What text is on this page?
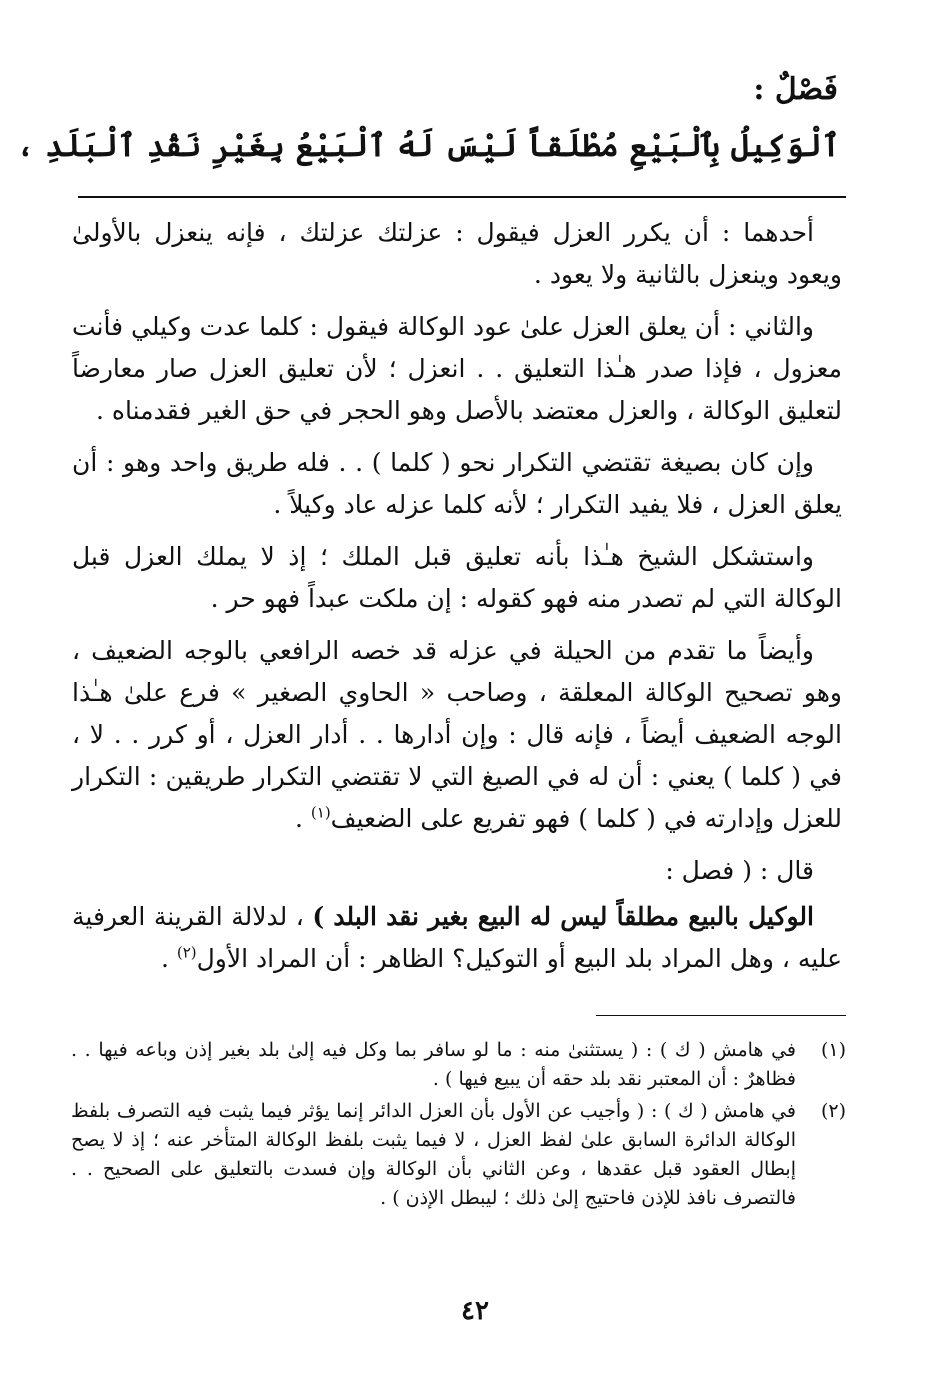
فَصْلٌ :
ٱلْوَكِيلُ بِٱلْبَيْعِ مُطْلَقاً لَيْسَ لَهُ ٱلْبَيْعُ بِغَيْرِ نَقْدِ ٱلْبَلَدِ ،

أحدهما : أن يكرر العزل فيقول : عزلتك عزلتك ، فإنه ينعزل بالأولىٰ ويعود وينعزل بالثانية ولا يعود .

والثاني : أن يعلق العزل علىٰ عود الوكالة فيقول : كلما عدت وكيلي فأنت معزول ، فإذا صدر هـٰذا التعليق . . انعزل ؛ لأن تعليق العزل صار معارضاً لتعليق الوكالة ، والعزل معتضد بالأصل وهو الحجر في حق الغير فقدمناه .

وإن كان بصيغة تقتضي التكرار نحو ( كلما ) . . فله طريق واحد وهو : أن يعلق العزل ، فلا يفيد التكرار ؛ لأنه كلما عزله عاد وكيلاً .

واستشكل الشيخ هـٰذا بأنه تعليق قبل الملك ؛ إذ لا يملك العزل قبل الوكالة التي لم تصدر منه فهو كقوله : إن ملكت عبداً فهو حر .

وأيضاً ما تقدم من الحيلة في عزله قد خصه الرافعي بالوجه الضعيف ، وهو تصحيح الوكالة المعلقة ، وصاحب « الحاوي الصغير » فرع علىٰ هـٰذا الوجه الضعيف أيضاً ، فإنه قال : وإن أدارها . . أدار العزل ، أو كرر . . لا ، في ( كلما ) يعني : أن له في الصيغ التي لا تقتضي التكرار طريقين : التكرار للعزل وإدارته في ( كلما ) فهو تفريع على الضعيف$^{(١)}$ .

قال : ( فصل :

الوكيل بالبيع مطلقاً ليس له البيع بغير نقد البلد ) ، لدلالة القرينة العرفية عليه ، وهل المراد بلد البيع أو التوكيل؟ الظاهر : أن المراد الأول$^{(٢)}$ .

(١)
في هامش ( ك ) : ( يستثنىٰ منه : ما لو سافر بما وكل فيه إلىٰ بلد بغير إذن وباعه فيها . . فظاهرٌ : أن المعتبر نقد بلد حقه أن يبيع فيها ) .
(٢)
في هامش ( ك ) : ( وأجيب عن الأول بأن العزل الدائر إنما يؤثر فيما يثبت فيه التصرف بلفظ الوكالة الدائرة السابق علىٰ لفظ العزل ، لا فيما يثبت بلفظ الوكالة المتأخر عنه ؛ إذ لا يصح إبطال العقود قبل عقدها ، وعن الثاني بأن الوكالة وإن فسدت بالتعليق على الصحيح . . فالتصرف نافذ للإذن فاحتيج إلىٰ ذلك ؛ ليبطل الإذن ) .
٤٢
